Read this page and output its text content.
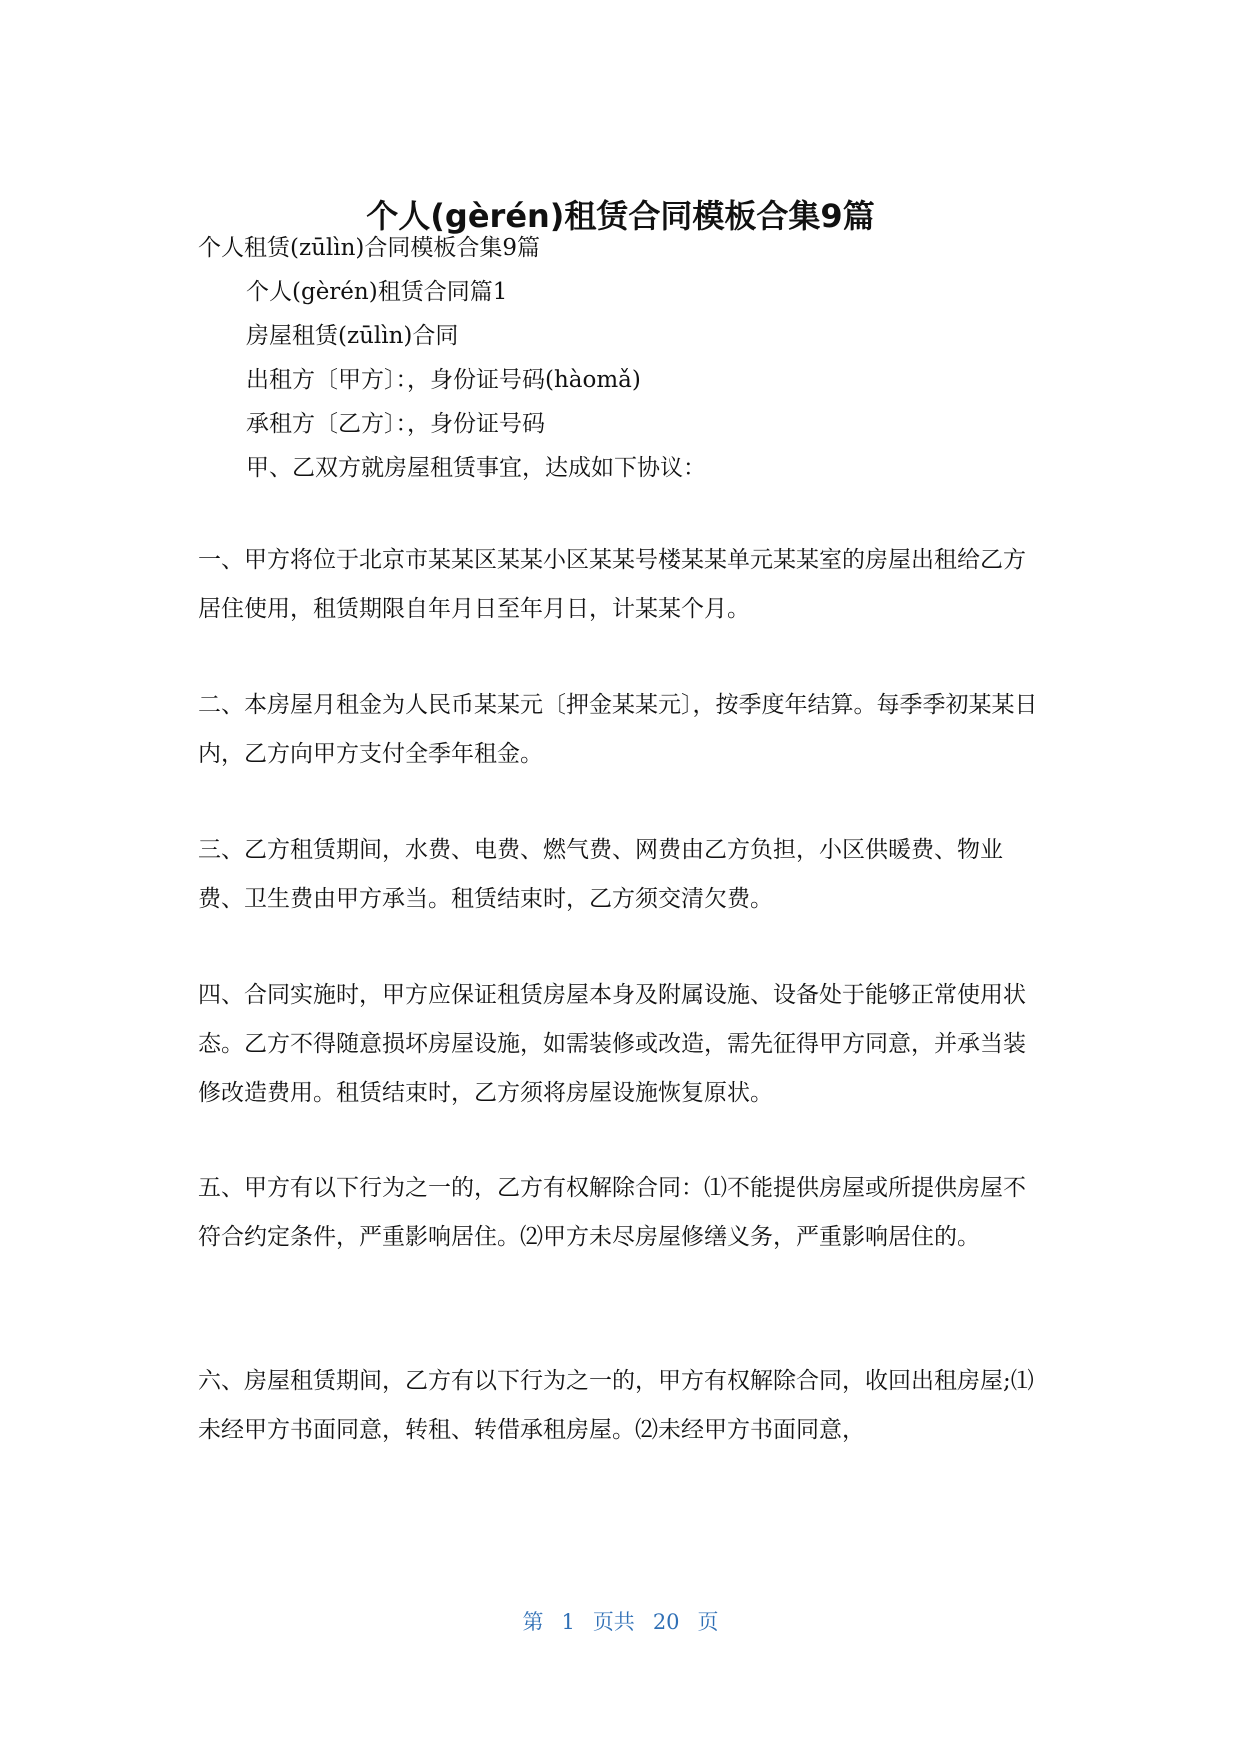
个人(gèrén)租赁合同模板合集9篇

个人租赁(zūlìn)合同模板合集9篇

个人(gèrén)租赁合同篇1

房屋租赁(zūlìn)合同

出租方〔甲方〕：，身份证号码(hàomǎ)

承租方〔乙方〕：，身份证号码

甲、乙双方就房屋租赁事宜，达成如下协议：

一、甲方将位于北京市某某区某某小区某某号楼某某单元某某室的房屋出租给乙方居住使用，租赁期限自年月日至年月日，计某某个月。

二、本房屋月租金为人民币某某元〔押金某某元〕，按季度年结算。每季季初某某日内，乙方向甲方支付全季年租金。

三、乙方租赁期间，水费、电费、燃气费、网费由乙方负担，小区供暖费、物业费、卫生费由甲方承当。租赁结束时，乙方须交清欠费。

四、合同实施时，甲方应保证租赁房屋本身及附属设施、设备处于能够正常使用状态。乙方不得随意损坏房屋设施，如需装修或改造，需先征得甲方同意，并承当装修改造费用。租赁结束时，乙方须将房屋设施恢复原状。

五、甲方有以下行为之一的，乙方有权解除合同：⑴不能提供房屋或所提供房屋不符合约定条件，严重影响居住。⑵甲方未尽房屋修缮义务，严重影响居住的。

六、房屋租赁期间，乙方有以下行为之一的，甲方有权解除合同，收回出租房屋;⑴未经甲方书面同意，转租、转借承租房屋。⑵未经甲方书面同意，

第 1 页共 20 页
